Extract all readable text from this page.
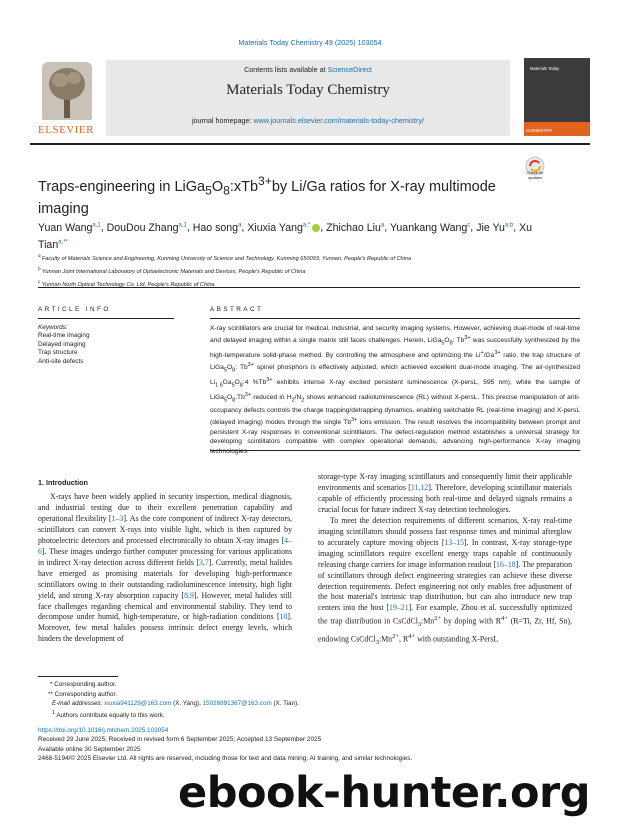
Materials Today Chemistry 49 (2025) 103054
ELSEVIER
Contents lists available at ScienceDirect
Materials Today Chemistry
journal homepage: www.journals.elsevier.com/materials-today-chemistry/
Materials Today
CHEMISTRY
Traps-engineering in $LiGa_5O_8:xTb^{3+}by$ Li/Ga ratios for X-ray multimode imaging
Check for updates
Yuan Wang$^{a,1}$, DouDou Zhang$^{a,1}$, Hao song$^a$, Xiuxia Yang$^{a,*}$ , Zhichao Liu$^a$, Yuankang Wang$^c$, Jie Yu$^{a,b}$, Xu Tian$^{a,**}$
$^a$ Faculty of Materials Science and Engineering, Kunming University of Science and Technology, Kunming 650093, Yunnan, People's Republic of China
$^b$ Yunnan Joint International Laboratory of Optoelectronic Materials and Devices, People's Republic of China
$^c$ Yunnan North Optical Technology Co. Ltd, People's Republic of China
ARTICLE INFO	ABSTRACT
Keywords:
Real-time imaging
Delayed imaging
Trap structure
Anti-site defects
X-ray scintillators are crucial for medical, industrial, and security imaging systems. However, achieving dual-mode of real-time and delayed imaging within a single matrix still faces challenges. Herein, $LiGa_5O_8$: $Tb^{3+}$ was successfully synthesized by the high-temperature solid-phase method. By controlling the atmosphere and optimizing the $Li^+/Ga^{3+}$ ratio, the trap structure of $LiGa_5O_8$: $Tb^{3+}$ spinel phosphors is effectively adjusted, which achieved excellent dual-mode imaging. The air-synthesized $Li_{1.6}Ga_5O_8:4$ $\%Tb^{3+}$ exhibits intense X-ray excited persistent luminescence (X-persL, 595 nm), while the sample of $LiGa_5O_8:Tb^{3+}$ reduced in $H_2/N_2$ shows enhanced radioluminescence (RL) without X-persL. This precise manipulation of anti-occupancy defects controls the charge trapping/detrapping dynamics, enabling switchable RL (real-time imaging) and X-persL (delayed imaging) modes through the single $Tb^{3+}$ ions emission. The result resolves the incompatibility between prompt and persistent X-ray responses in conventional scintillators. The defect-regulation method establishes a universal strategy for developing scintillators compatible with complex operational demands, advancing high-performance X-ray imaging technologies.
1. Introduction

X-rays have been widely applied in security inspection, medical diagnosis, and industrial testing due to their excellent penetration capability and operational flexibility [1–3]. As the core component of indirect X-ray detectors, scintillators can convert X-rays into visible light, which is then captured by photoelectric detectors and processed electronically to obtain X-ray images [4–6]. These images undergo further computer processing for various applications in indirect X-ray detection across different fields [3,7]. Currently, metal halides have emerged as promising materials for developing high-performance scintillators owing to their outstanding radioluminescence intensity, high light yield, and strong X-ray absorption capacity [8,9]. However, metal halides still face challenges regarding chemical and environmental stability. They tend to decompose under humid, high-temperature, or high-radiation conditions [10]. Moreover, few metal halides possess intrinsic defect energy levels, which hinders the development of

storage-type X-ray imaging scintillators and consequently limit their applicable environments and scenarios [11,12]. Therefore, developing scintillator materials capable of efficiently processing both real-time and delayed signals remains a crucial focus for future indirect X-ray detection technologies.

To meet the detection requirements of different scenarios, X-ray real-time imaging scintillators should possess fast response times and minimal afterglow to accurately capture moving objects [13–15]. In contrast, X-ray storage-type imaging scintillators require excellent energy traps capable of continuously releasing charge carriers for image information readout [16–18]. The preparation of scintillators through defect engineering strategies can achieve these diverse detection requirements. Defect engineering not only enables free adjustment of the host material's intrinsic trap distribution, but can also introduce new trap centers into the host [19–21]. For example, Zhou et al. successfully optimized the trap distribution in $CsCdCl_3:Mn^{2+}$ by doping with $R^{4+}$ (R=Ti, Zr, Hf, Sn), endowing $CsCdCl_3:Mn^{2+}$, $R^{4+}$ with outstanding X-PersL

* Corresponding author.
** Corresponding author.
E-mail addresses: xiuxia941129@163.com (X. Yang), 15026891367@163.com (X. Tian).
$^1$ Authors contribute equally to this work.
https://doi.org/10.1016/j.mtchem.2025.103054
Received 29 June 2025; Received in revised form 6 September 2025; Accepted 13 September 2025
Available online 30 September 2025
2468-5194/© 2025 Elsevier Ltd. All rights are reserved, including those for text and data mining, AI training, and similar technologies.
ebook-hunter.org
